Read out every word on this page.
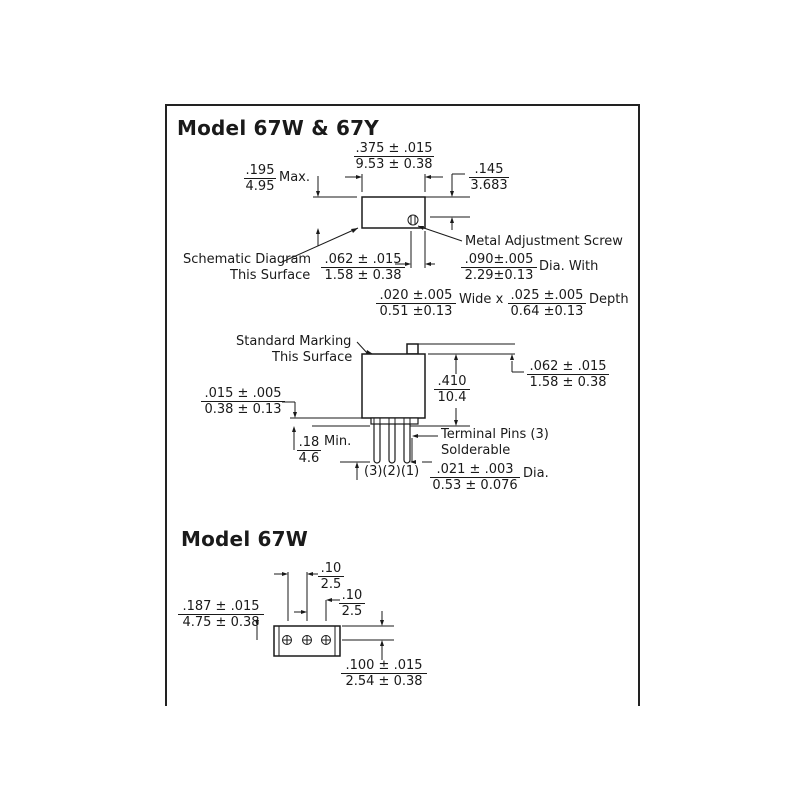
Model 67W & 67Y
Model 67W
$\frac{.375 \pm .015}{9.53 \pm 0.38}$
$\frac{.195}{4.95}$ Max.	$\frac{.145}{3.683}$
Schematic Diagram
This Surface
Metal Adjustment Screw
$\frac{.062 \pm .015}{1.58 \pm 0.38}$	$\frac{.090\pm.005}{2.29\pm 0.13}$ Dia. With
$\frac{.020 \pm.005}{0.51 \pm 0.13}$ Wide x $\frac{.025 \pm.005}{0.64 \pm 0.13}$ Depth
Standard Marking
This Surface
$\frac{.062 \pm .015}{1.58 \pm 0.38}$
$\frac{.410}{10.4}$
$\frac{.015 \pm .005}{0.38 \pm 0.13}$
$\frac{.18}{4.6}$ Min.	Terminal Pins (3)
Solderable
$(3)(2)(1) \frac{.021 \pm .003}{0.53 \pm 0.076}$ Dia.
$\frac{.10}{2.5}$
$\frac{.10}{2.5}$
$\frac{.187 \pm .015}{4.75 \pm 0.38}$
$\frac{.100 \pm .015}{2.54 \pm 0.38}$
